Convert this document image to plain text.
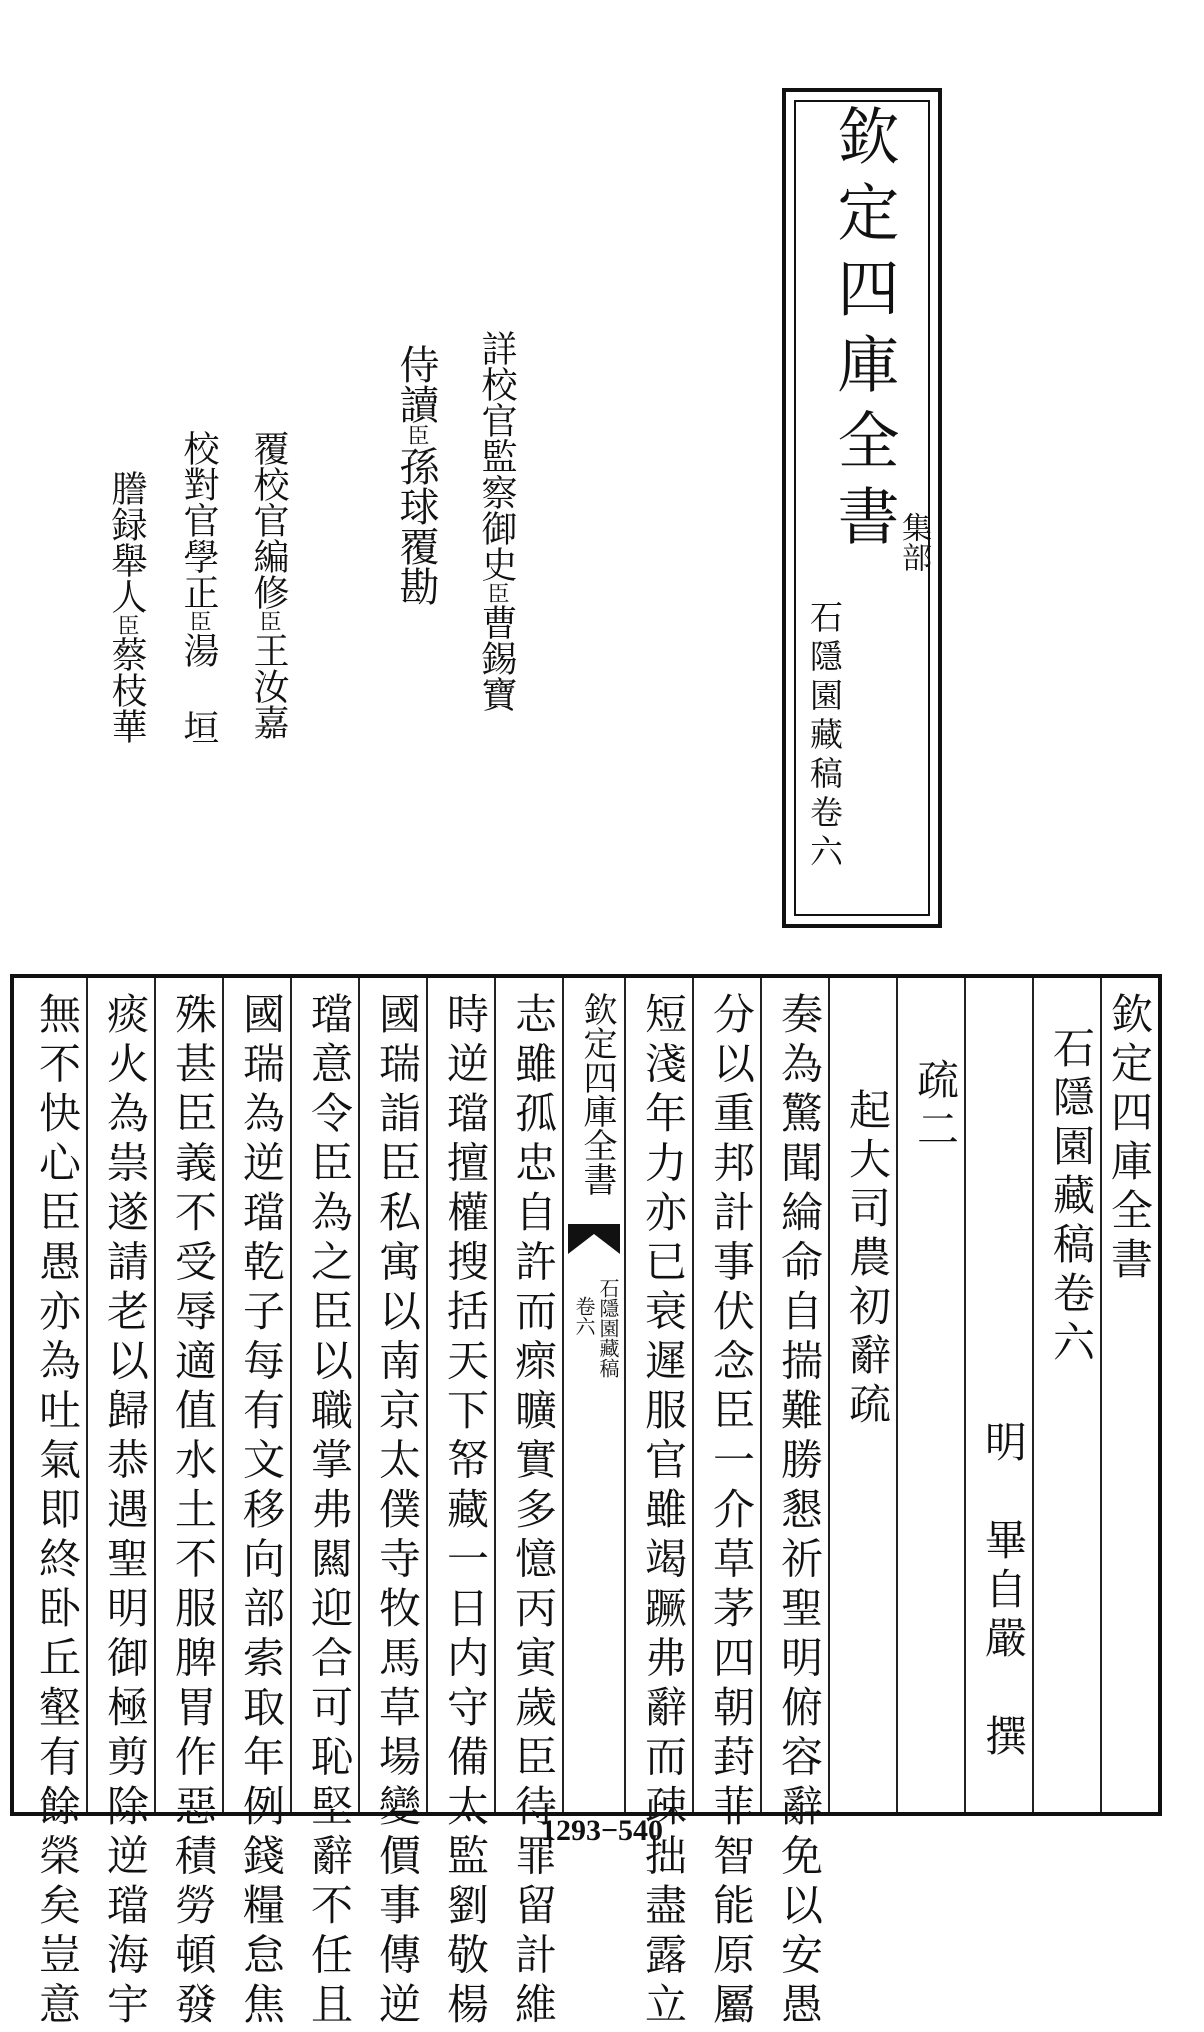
欽定四庫全書
集部
石隱園藏稿卷六
詳校官監察御史臣曹錫寶
侍讀臣孫球覆勘
覆校官編修臣王汝嘉
校對官學正臣湯 垣
謄録舉人臣蔡枝華
欽定四庫全書
石隱園藏稿卷六
明　畢自嚴　撰
疏二
起大司農初辭疏
奏為驚聞綸命自揣難勝懇祈聖明俯容辭免以安愚
分以重邦計事伏念臣一介草茅四朝葑菲智能原屬
短淺年力亦已衰遲服官雖竭蹶弗辭而疎拙盡露立
欽定四庫全書
石隱園藏稿
卷六
志雖孤忠自許而瘝曠實多憶丙寅歲臣待罪留計維
時逆璫擅權搜括天下帑藏一日内守備太監劉敬楊
國瑞詣臣私寓以南京太僕寺牧馬草場變價事傳逆
璫意令臣為之臣以職掌弗闗迎合可恥堅辭不任且
國瑞為逆璫乾子每有文移向部索取年例錢糧怠焦
殊甚臣義不受辱適值水土不服脾胃作惡積勞頓發
痰火為祟遂請老以歸恭遇聖明御極剪除逆璫海宇
無不快心臣愚亦為吐氣即終卧丘壑有餘榮矣豈意	1293−540
